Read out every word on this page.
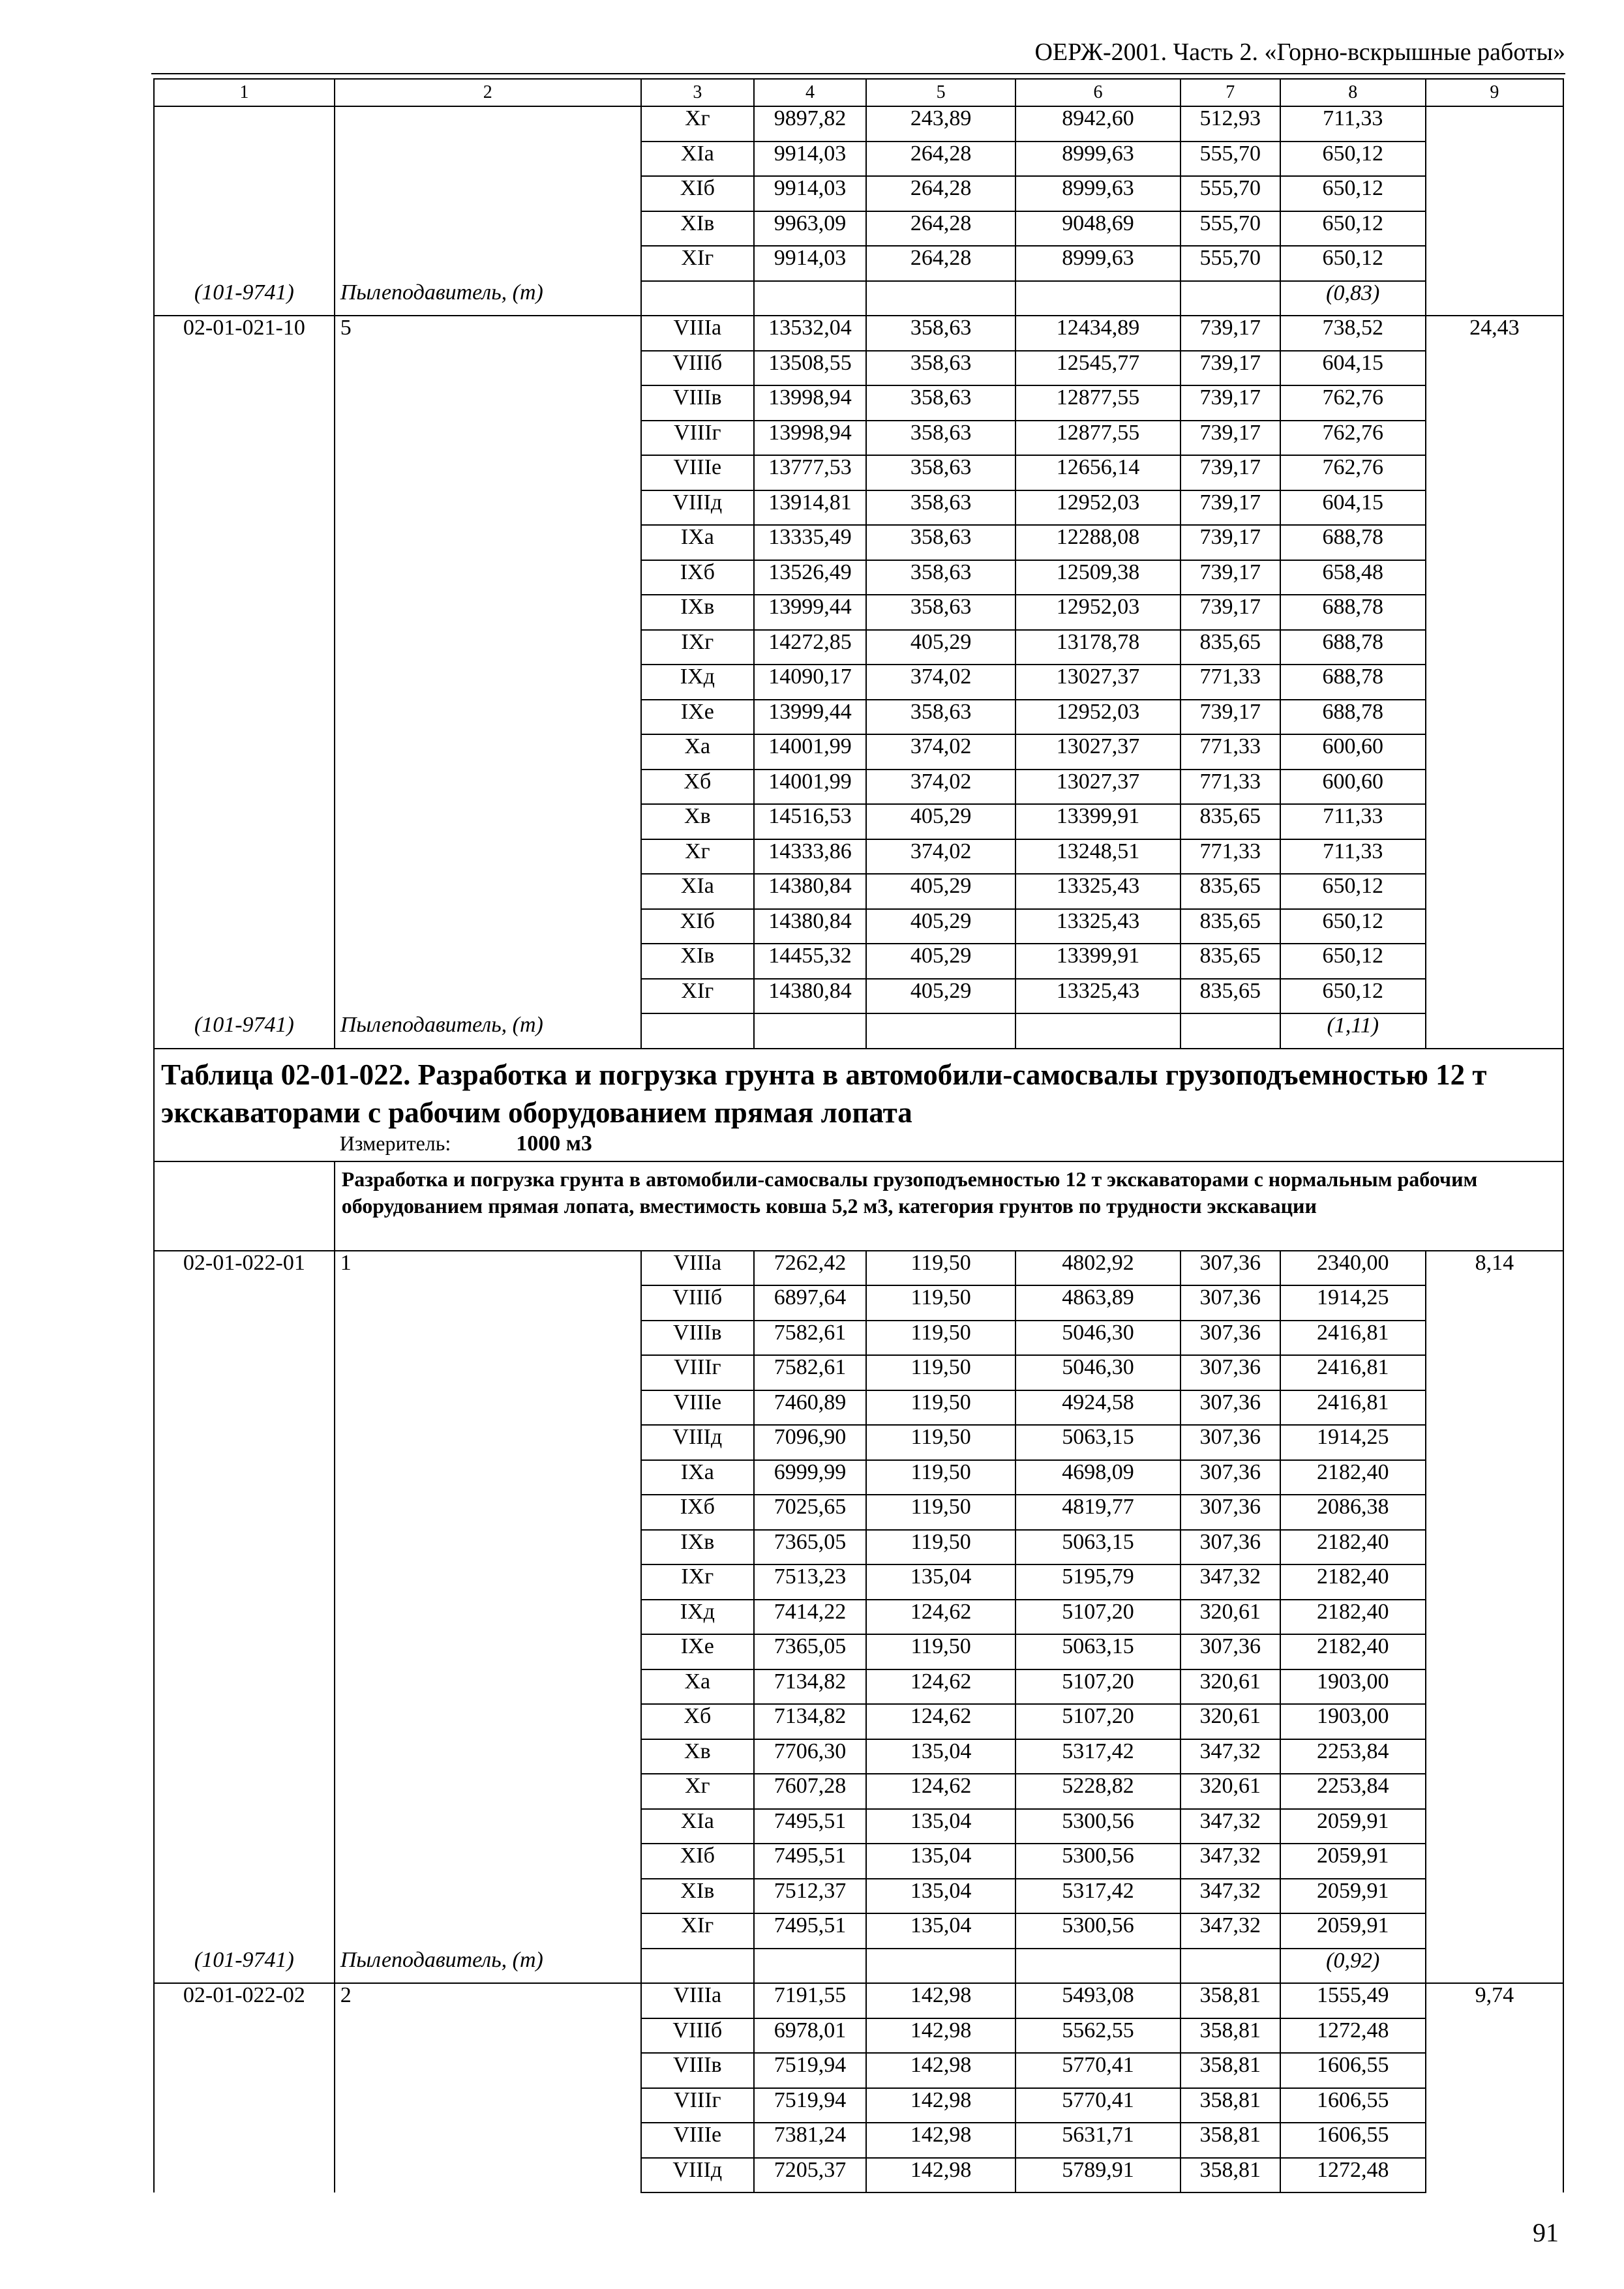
ОЕРЖ-2001. Часть 2. «Горно-вскрышные работы»
1	2	3	4	5	6	7	8	9
		Xг	9897,82	243,89	8942,60	512,93	711,33	
		XIа	9914,03	264,28	8999,63	555,70	650,12	
		XIб	9914,03	264,28	8999,63	555,70	650,12	
		XIв	9963,09	264,28	9048,69	555,70	650,12	
		XIг	9914,03	264,28	8999,63	555,70	650,12	
(101-9741)	Пылеподавитель, (т)						(0,83)	
02-01-021-10	5	VIIIа	13532,04	358,63	12434,89	739,17	738,52	24,43
		VIIIб	13508,55	358,63	12545,77	739,17	604,15	
		VIIIв	13998,94	358,63	12877,55	739,17	762,76	
		VIIIг	13998,94	358,63	12877,55	739,17	762,76	
		VIIIе	13777,53	358,63	12656,14	739,17	762,76	
		VIIIд	13914,81	358,63	12952,03	739,17	604,15	
		IXа	13335,49	358,63	12288,08	739,17	688,78	
		IXб	13526,49	358,63	12509,38	739,17	658,48	
		IXв	13999,44	358,63	12952,03	739,17	688,78	
		IXг	14272,85	405,29	13178,78	835,65	688,78	
		IXд	14090,17	374,02	13027,37	771,33	688,78	
		IXе	13999,44	358,63	12952,03	739,17	688,78	
		Xа	14001,99	374,02	13027,37	771,33	600,60	
		Xб	14001,99	374,02	13027,37	771,33	600,60	
		Xв	14516,53	405,29	13399,91	835,65	711,33	
		Xг	14333,86	374,02	13248,51	771,33	711,33	
		XIа	14380,84	405,29	13325,43	835,65	650,12	
		XIб	14380,84	405,29	13325,43	835,65	650,12	
		XIв	14455,32	405,29	13399,91	835,65	650,12	
		XIг	14380,84	405,29	13325,43	835,65	650,12	
(101-9741)	Пылеподавитель, (т)						(1,11)	

Таблица 02-01-022. Разработка и погрузка грунта в автомобили-самосвалы грузоподъемностью 12 т экскаваторами с рабочим оборудованием прямая лопата								

	Измеритель: 1000 м3							
	Разработка и погрузка грунта в автомобили-самосвалы грузоподъемностью 12 т экскаваторами с нормальным рабочим оборудованием прямая лопата, вместимость ковша 5,2 м3, категория грунтов по трудности экскавации							
02-01-022-01	1	VIIIа	7262,42	119,50	4802,92	307,36	2340,00	8,14
		VIIIб	6897,64	119,50	4863,89	307,36	1914,25	
		VIIIв	7582,61	119,50	5046,30	307,36	2416,81	
		VIIIг	7582,61	119,50	5046,30	307,36	2416,81	
		VIIIе	7460,89	119,50	4924,58	307,36	2416,81	
		VIIIд	7096,90	119,50	5063,15	307,36	1914,25	
		IXа	6999,99	119,50	4698,09	307,36	2182,40	
		IXб	7025,65	119,50	4819,77	307,36	2086,38	
		IXв	7365,05	119,50	5063,15	307,36	2182,40	
		IXг	7513,23	135,04	5195,79	347,32	2182,40	
		IXд	7414,22	124,62	5107,20	320,61	2182,40	
		IXе	7365,05	119,50	5063,15	307,36	2182,40	
		Xа	7134,82	124,62	5107,20	320,61	1903,00	
		Xб	7134,82	124,62	5107,20	320,61	1903,00	
		Xв	7706,30	135,04	5317,42	347,32	2253,84	
		Xг	7607,28	124,62	5228,82	320,61	2253,84	
		XIа	7495,51	135,04	5300,56	347,32	2059,91	
		XIб	7495,51	135,04	5300,56	347,32	2059,91	
		XIв	7512,37	135,04	5317,42	347,32	2059,91	
		XIг	7495,51	135,04	5300,56	347,32	2059,91	
(101-9741)	Пылеподавитель, (т)						(0,92)	
02-01-022-02	2	VIIIа	7191,55	142,98	5493,08	358,81	1555,49	9,74
		VIIIб	6978,01	142,98	5562,55	358,81	1272,48	
		VIIIв	7519,94	142,98	5770,41	358,81	1606,55	
		VIIIг	7519,94	142,98	5770,41	358,81	1606,55	
		VIIIе	7381,24	142,98	5631,71	358,81	1606,55	
		VIIIд	7205,37	142,98	5789,91	358,81	1272,48	
91
